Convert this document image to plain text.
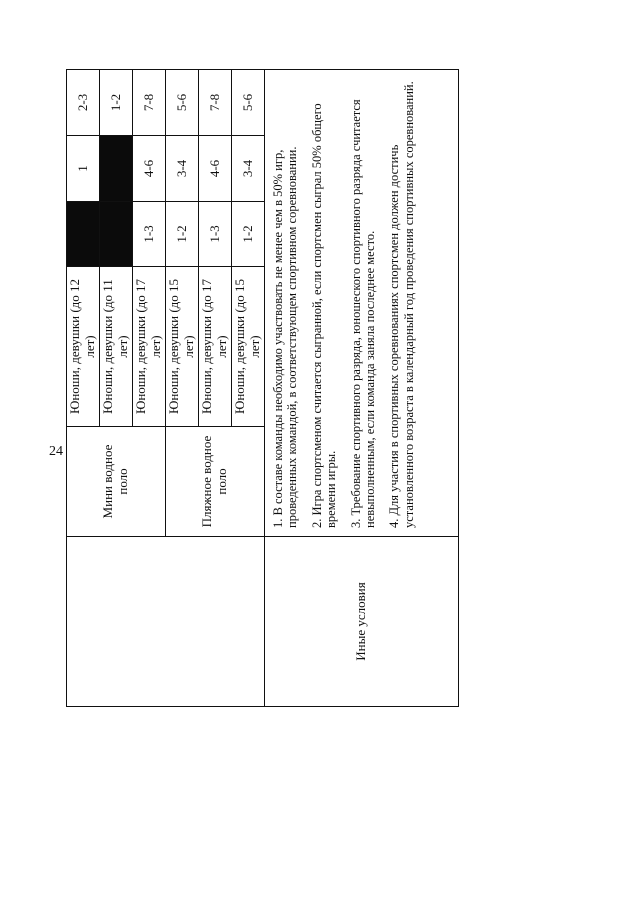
24
		Мини водное поло	Юноши, девушки (до 12 лет)		1	2-3
		Юноши, девушки (до 11 лет)			1-2
		Юноши, девушки (до 17 лет)	1-3	4-6	7-8
	Пляжное водное поло	Юноши, девушки (до 15 лет)	1-2	3-4	5-6
		Юноши, девушки (до 17 лет)	1-3	4-6	7-8
		Юноши, девушки (до 15 лет)	1-2	3-4	5-6
Иные условия	1. В составе команды необходимо участвовать не менее чем в 50% игр, проведенных командой, в соответствующем спортивном соревновании. 2. Игра спортсменом считается сыгранной, если спортсмен сыграл 50% общего времени игры. 3. Требование спортивного разряда, юношеского спортивного разряда считается невыполненным, если команда заняла последнее место. 4. Для участия в спортивных соревнованиях спортсмен должен достичь установленного возраста в календарный год проведения спортивных соревнований.				
